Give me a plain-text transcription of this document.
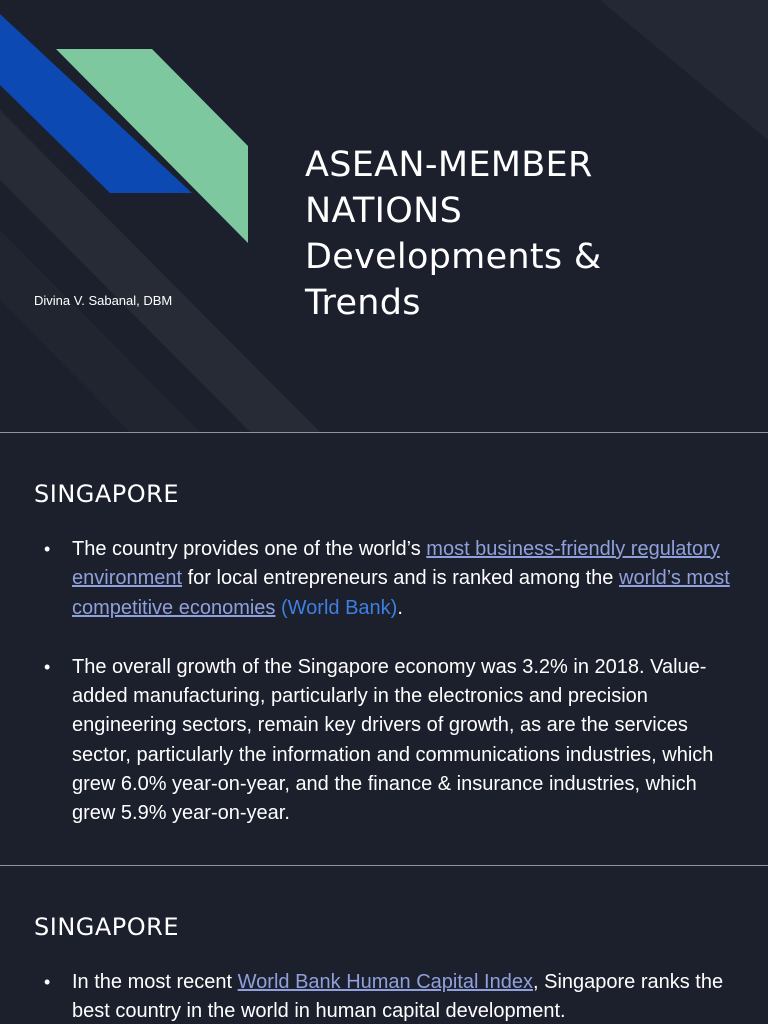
ASEAN-MEMBER
NATIONS
Developments &
Trends
Divina V. Sabanal, DBM
SINGAPORE
• The country provides one of the world’s most business-friendly regulatory environment for local entrepreneurs and is ranked among the world’s most competitive economies (World Bank).
• The overall growth of the Singapore economy was 3.2% in 2018. Value-added manufacturing, particularly in the electronics and precision engineering sectors, remain key drivers of growth, as are the services sector, particularly the information and communications industries, which grew 6.0% year-on-year, and the finance & insurance industries, which grew 5.9% year-on-year.
SINGAPORE
• In the most recent World Bank Human Capital Index, Singapore ranks the best country in the world in human capital development.
